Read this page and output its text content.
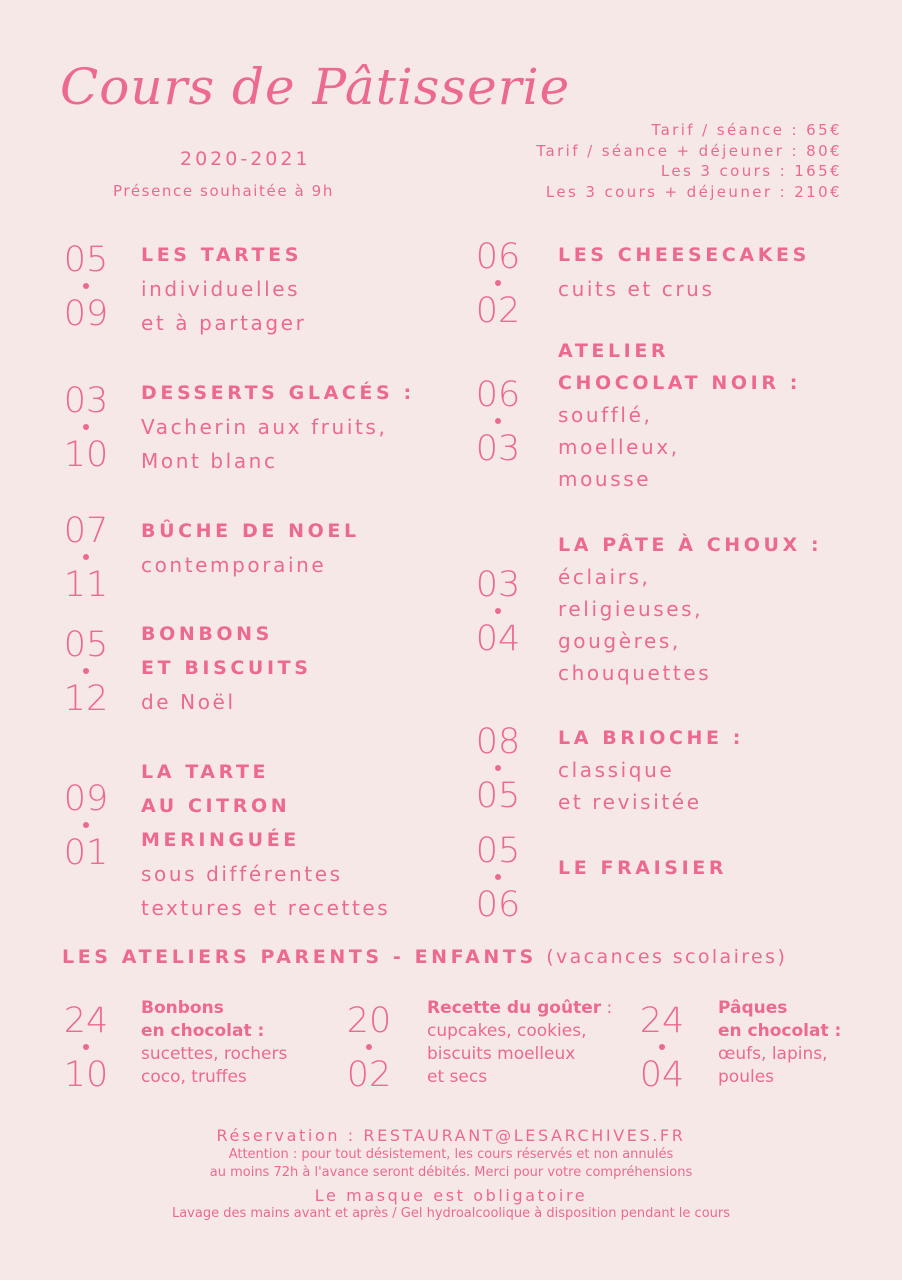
Cours de Pâtisserie
2020-2021
Présence souhaitée à 9h
Tarif / séance : 65€
Tarif / séance + déjeuner : 80€
Les 3 cours : 165€
Les 3 cours + déjeuner : 210€
05
09
LES TARTES
individuelles
et à partager
03
10
DESSERTS GLACÉS :
Vacherin aux fruits,
Mont blanc
07
11
BÛCHE DE NOEL
contemporaine
05
12
BONBONS
ET BISCUITS
de Noël
09
01
LA TARTE
AU CITRON
MERINGUÉE
sous différentes
textures et recettes
06
02
LES CHEESECAKES
cuits et crus
06
03
ATELIER
CHOCOLAT NOIR :
soufflé,
moelleux,
mousse
03
04
LA PÂTE À CHOUX :
éclairs,
religieuses,
gougères,
chouquettes
08
05
LA BRIOCHE :
classique
et revisitée
05
06
LE FRAISIER
LES ATELIERS PARENTS - ENFANTS (vacances scolaires)
24
10
Bonbons
en chocolat :
sucettes, rochers
coco, truffes
20
02
Recette du goûter :
cupcakes, cookies,
biscuits moelleux
et secs
24
04
Pâques
en chocolat :
œufs, lapins,
poules
Réservation : RESTAURANT@LESARCHIVES.FR
Attention : pour tout désistement, les cours réservés et non annulés
au moins 72h à l'avance seront débités. Merci pour votre compréhensions
Le masque est obligatoire
Lavage des mains avant et après / Gel hydroalcoolique à disposition pendant le cours
